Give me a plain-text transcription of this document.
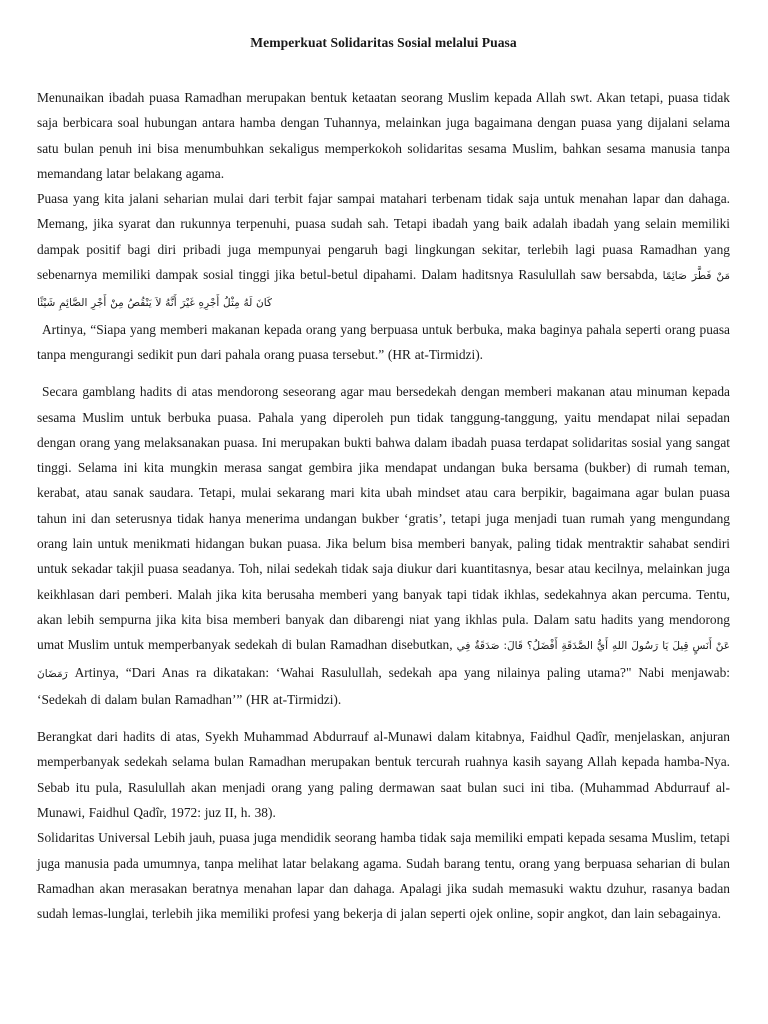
Memperkuat Solidaritas Sosial melalui Puasa

Menunaikan ibadah puasa Ramadhan merupakan bentuk ketaatan seorang Muslim kepada Allah swt. Akan tetapi, puasa tidak saja berbicara soal hubungan antara hamba dengan Tuhannya, melainkan juga bagaimana dengan puasa yang dijalani selama satu bulan penuh ini bisa menumbuhkan sekaligus memperkokoh solidaritas sesama Muslim, bahkan sesama manusia tanpa memandang latar belakang agama.

Puasa yang kita jalani seharian mulai dari terbit fajar sampai matahari terbenam tidak saja untuk menahan lapar dan dahaga. Memang, jika syarat dan rukunnya terpenuhi, puasa sudah sah. Tetapi ibadah yang baik adalah ibadah yang selain memiliki dampak positif bagi diri pribadi juga mempunyai pengaruh bagi lingkungan sekitar, terlebih lagi puasa Ramadhan yang sebenarnya memiliki dampak sosial tinggi jika betul-betul dipahami. Dalam haditsnya Rasulullah saw bersabda, مَنْ فَطَّرَ صَائِمًا كَانَ لَهُ مِثْلُ أَجْرِهِ غَيْرَ أَنَّهُ لاَ يَنْقُصُ مِنْ أَجْرِ الصَّائِمِ شَيْئًا

Artinya, “Siapa yang memberi makanan kepada orang yang berpuasa untuk berbuka, maka baginya pahala seperti orang puasa tanpa mengurangi sedikit pun dari pahala orang puasa tersebut.” (HR at-Tirmidzi).

Secara gamblang hadits di atas mendorong seseorang agar mau bersedekah dengan memberi makanan atau minuman kepada sesama Muslim untuk berbuka puasa. Pahala yang diperoleh pun tidak tanggung-tanggung, yaitu mendapat nilai sepadan dengan orang yang melaksanakan puasa. Ini merupakan bukti bahwa dalam ibadah puasa terdapat solidaritas sosial yang sangat tinggi. Selama ini kita mungkin merasa sangat gembira jika mendapat undangan buka bersama (bukber) di rumah teman, kerabat, atau sanak saudara. Tetapi, mulai sekarang mari kita ubah mindset atau cara berpikir, bagaimana agar bulan puasa tahun ini dan seterusnya tidak hanya menerima undangan bukber ‘gratis’, tetapi juga menjadi tuan rumah yang mengundang orang lain untuk menikmati hidangan bukan puasa. Jika belum bisa memberi banyak, paling tidak mentraktir sahabat sendiri untuk sekadar takjil puasa seadanya. Toh, nilai sedekah tidak saja diukur dari kuantitasnya, besar atau kecilnya, melainkan juga keikhlasan dari pemberi. Malah jika kita berusaha memberi yang banyak tapi tidak ikhlas, sedekahnya akan percuma. Tentu, akan lebih sempurna jika kita bisa memberi banyak dan dibarengi niat yang ikhlas pula. Dalam satu hadits yang mendorong umat Muslim untuk memperbanyak sedekah di bulan Ramadhan disebutkan, عَنْ أَنَسٍ قِيلَ يَا رَسُولَ اللهِ أَيُّ الصَّدَقَةِ أَفْضَلُ؟ قَالَ: صَدَقَةٌ فِي رَمَضَانَ Artinya, “Dari Anas ra dikatakan: ‘Wahai Rasulullah, sedekah apa yang nilainya paling utama?" Nabi menjawab: ‘Sedekah di dalam bulan Ramadhan’” (HR at-Tirmidzi).

Berangkat dari hadits di atas, Syekh Muhammad Abdurrauf al-Munawi dalam kitabnya, Faidhul Qadîr, menjelaskan, anjuran memperbanyak sedekah selama bulan Ramadhan merupakan bentuk tercurah ruahnya kasih sayang Allah kepada hamba-Nya. Sebab itu pula, Rasulullah akan menjadi orang yang paling dermawan saat bulan suci ini tiba. (Muhammad Abdurrauf al-Munawi, Faidhul Qadîr, 1972: juz II, h. 38).

Solidaritas Universal Lebih jauh, puasa juga mendidik seorang hamba tidak saja memiliki empati kepada sesama Muslim, tetapi juga manusia pada umumnya, tanpa melihat latar belakang agama. Sudah barang tentu, orang yang berpuasa seharian di bulan Ramadhan akan merasakan beratnya menahan lapar dan dahaga. Apalagi jika sudah memasuki waktu dzuhur, rasanya badan sudah lemas-lunglai, terlebih jika memiliki profesi yang bekerja di jalan seperti ojek online, sopir angkot, dan lain sebagainya.
